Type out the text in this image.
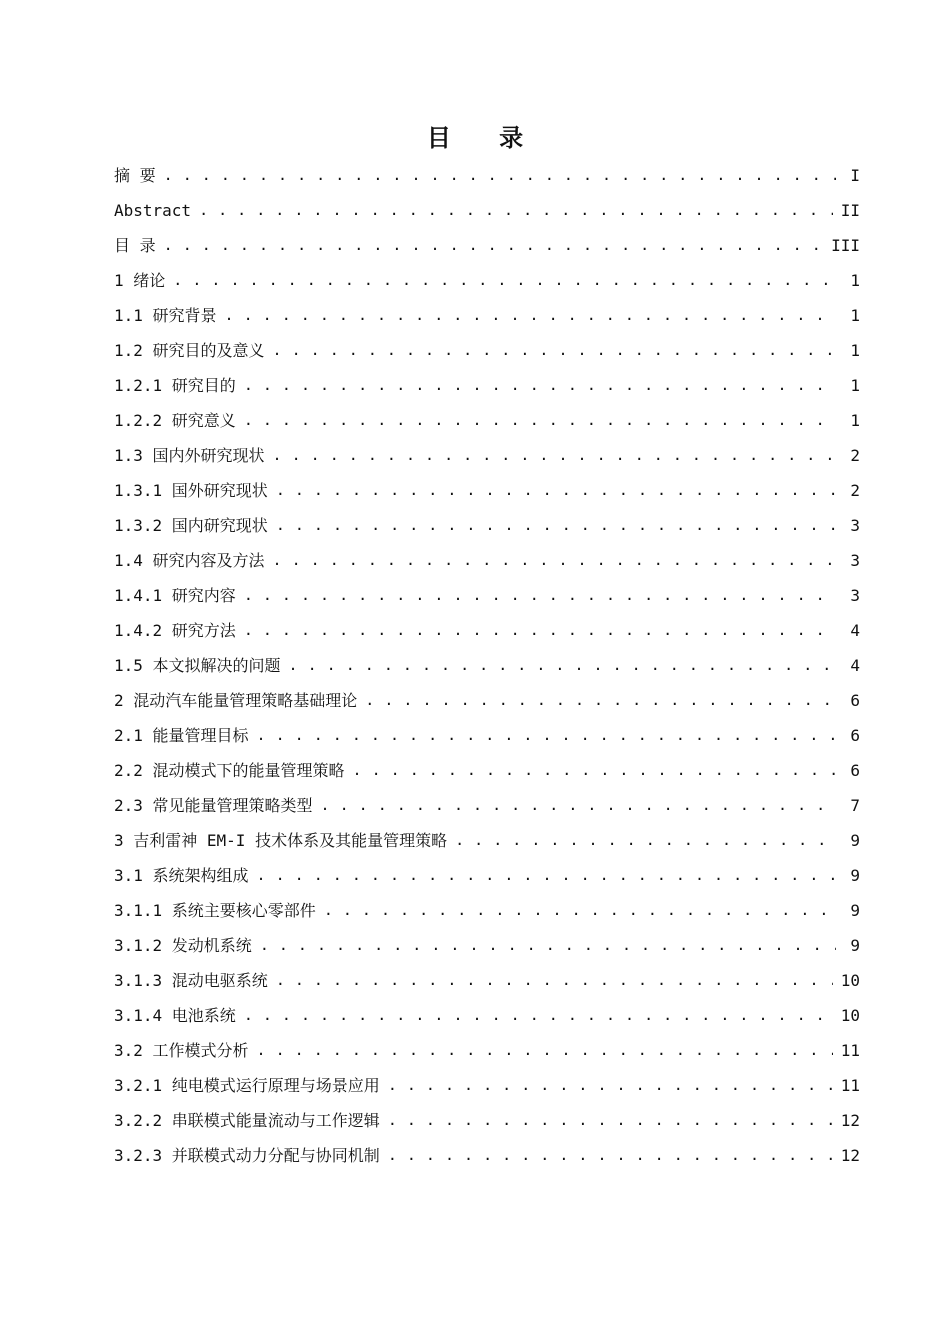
目 录
摘 要 . . .	I
Abstract . . .	II
目 录 . . .	III
1 绪论 . . .	1
1.1 研究背景 . . .	1
1.2 研究目的及意义 . . .	1
1.2.1 研究目的 . . .	1
1.2.2 研究意义 . . .	1
1.3 国内外研究现状 . . .	2
1.3.1 国外研究现状 . . .	2
1.3.2 国内研究现状 . . .	3
1.4 研究内容及方法 . . .	3
1.4.1 研究内容 . . .	3
1.4.2 研究方法 . . .	4
1.5 本文拟解决的问题 . . .	4
2 混动汽车能量管理策略基础理论 . . .	6
2.1 能量管理目标 . . .	6
2.2 混动模式下的能量管理策略 . . .	6
2.3 常见能量管理策略类型 . . .	7
3 吉利雷神 EM-I 技术体系及其能量管理策略 . . .	9
3.1 系统架构组成 . . .	9
3.1.1 系统主要核心零部件 . . .	9
3.1.2 发动机系统 . . .	9
3.1.3 混动电驱系统 . . .	10
3.1.4 电池系统 . . .	10
3.2 工作模式分析 . . .	11
3.2.1 纯电模式运行原理与场景应用 . . .	11
3.2.2 串联模式能量流动与工作逻辑 . . .	12
3.2.3 并联模式动力分配与协同机制 . . .	12
